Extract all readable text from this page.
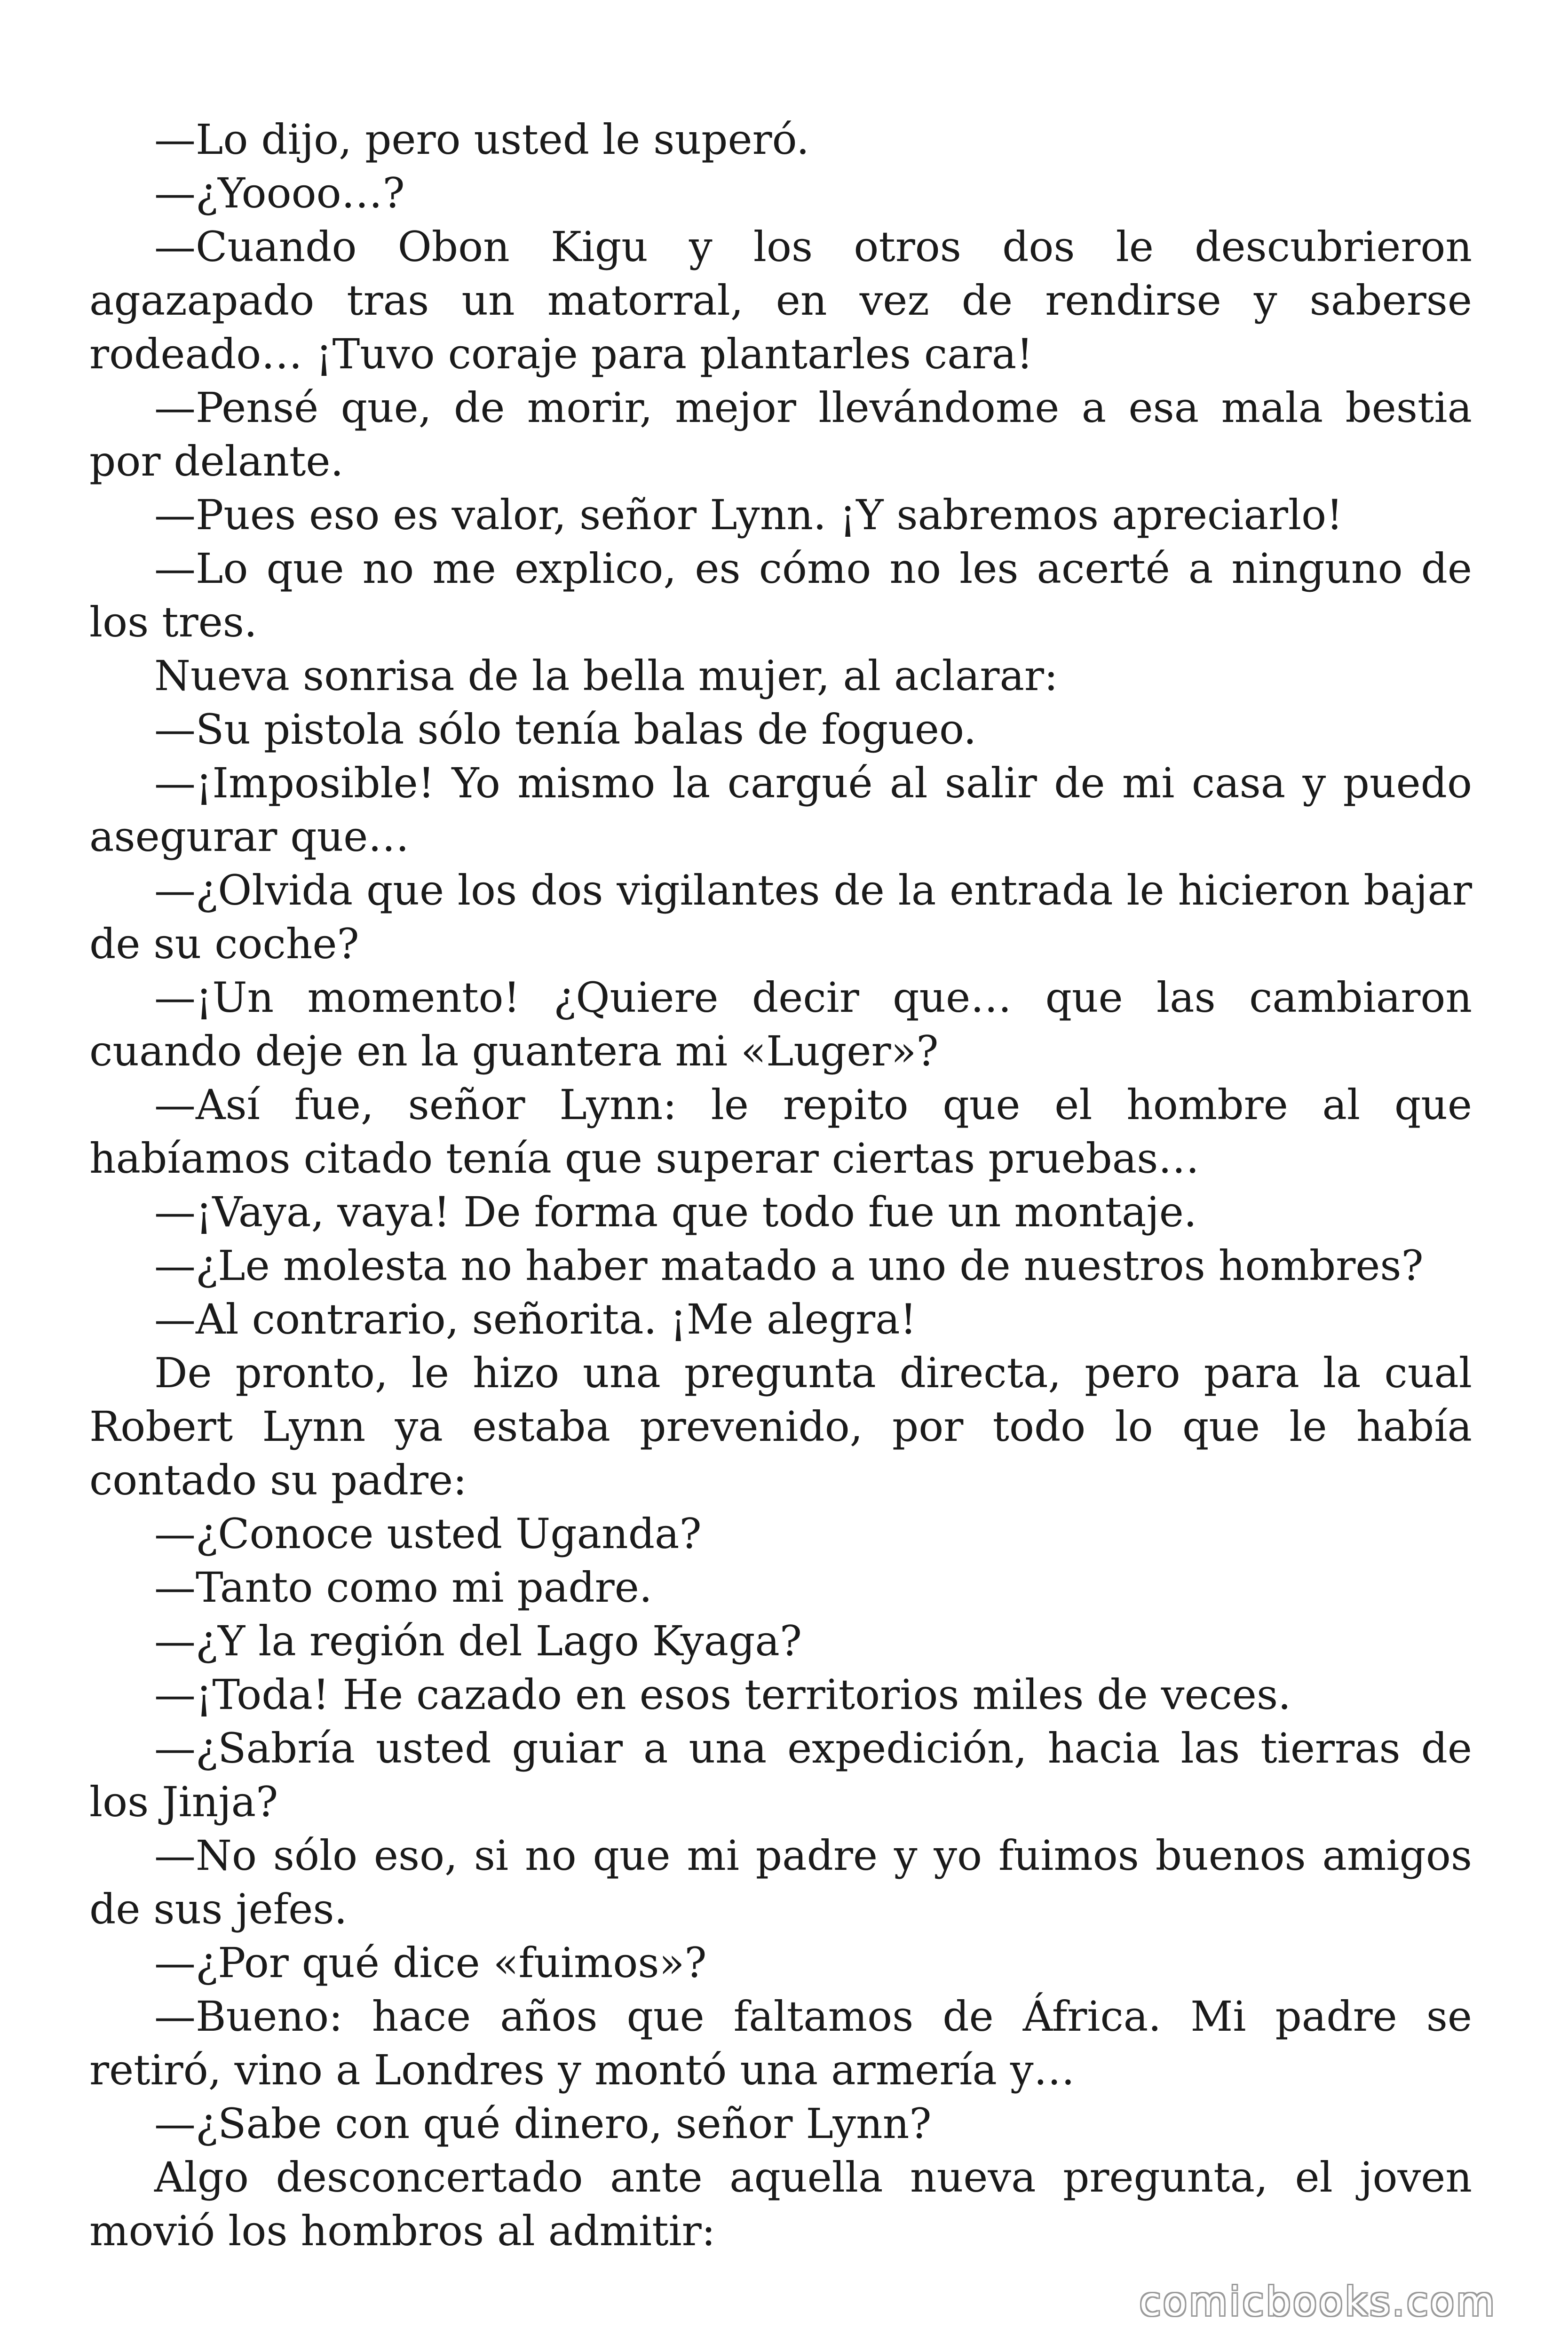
—Lo dijo, pero usted le superó.

—¿Yoooo…?

—Cuando Obon Kigu y los otros dos le descubrieron agazapado tras un matorral, en vez de rendirse y saberse rodeado… ¡Tuvo coraje para plantarles cara!

—Pensé que, de morir, mejor llevándome a esa mala bestia por delante.

—Pues eso es valor, señor Lynn. ¡Y sabremos apreciarlo!

—Lo que no me explico, es cómo no les acerté a ninguno de los tres.

Nueva sonrisa de la bella mujer, al aclarar:

—Su pistola sólo tenía balas de fogueo.

—¡Imposible! Yo mismo la cargué al salir de mi casa y puedo asegurar que…

—¿Olvida que los dos vigilantes de la entrada le hicieron bajar de su coche?

—¡Un momento! ¿Quiere decir que… que las cambiaron cuando deje en la guantera mi «Luger»?

—Así fue, señor Lynn: le repito que el hombre al que habíamos citado tenía que superar ciertas pruebas…

—¡Vaya, vaya! De forma que todo fue un montaje.

—¿Le molesta no haber matado a uno de nuestros hombres?

—Al contrario, señorita. ¡Me alegra!

De pronto, le hizo una pregunta directa, pero para la cual Robert Lynn ya estaba prevenido, por todo lo que le había contado su padre:

—¿Conoce usted Uganda?

—Tanto como mi padre.

—¿Y la región del Lago Kyaga?

—¡Toda! He cazado en esos territorios miles de veces.

—¿Sabría usted guiar a una expedición, hacia las tierras de los Jinja?

—No sólo eso, si no que mi padre y yo fuimos buenos amigos de sus jefes.

—¿Por qué dice «fuimos»?

—Bueno: hace años que faltamos de África. Mi padre se retiró, vino a Londres y montó una armería y…

—¿Sabe con qué dinero, señor Lynn?

Algo desconcertado ante aquella nueva pregunta, el joven movió los hombros al admitir:

comicbooks.com
